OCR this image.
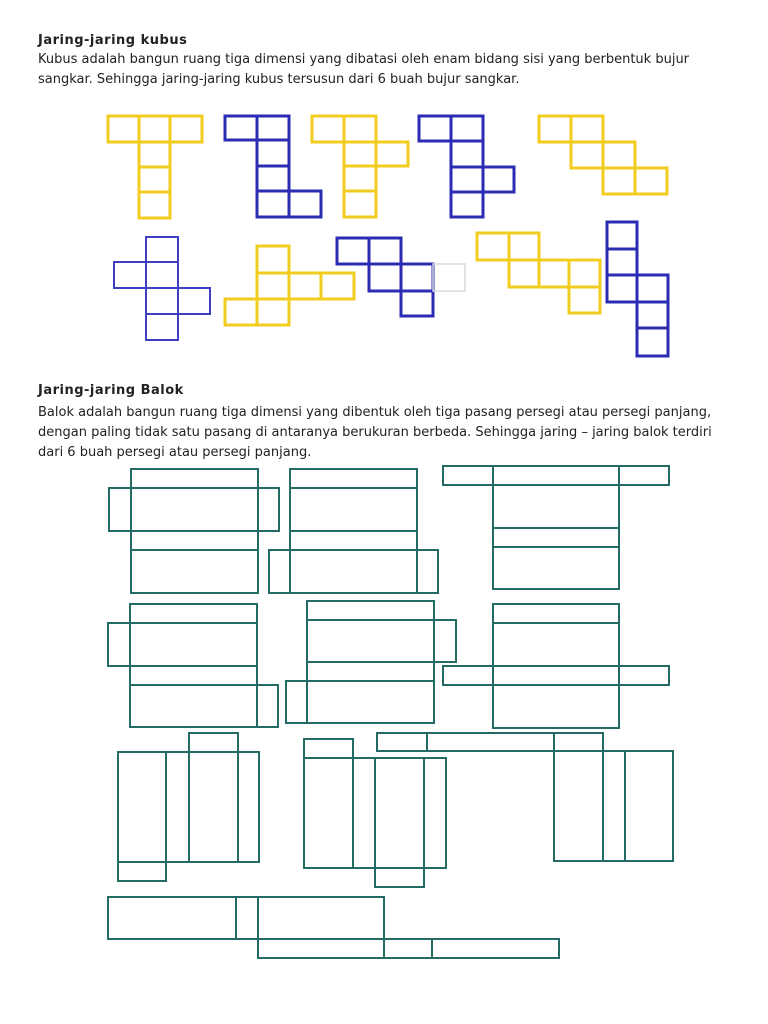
Jaring-jaring kubus

Kubus adalah bangun ruang tiga dimensi yang dibatasi oleh enam bidang sisi yang berbentuk bujur sangkar. Sehingga jaring-jaring kubus tersusun dari 6 buah bujur sangkar.

Jaring-jaring Balok

Balok adalah bangun ruang tiga dimensi yang dibentuk oleh tiga pasang persegi atau persegi panjang, dengan paling tidak satu pasang di antaranya berukuran berbeda. Sehingga jaring – jaring balok terdiri dari 6 buah persegi atau persegi panjang.
